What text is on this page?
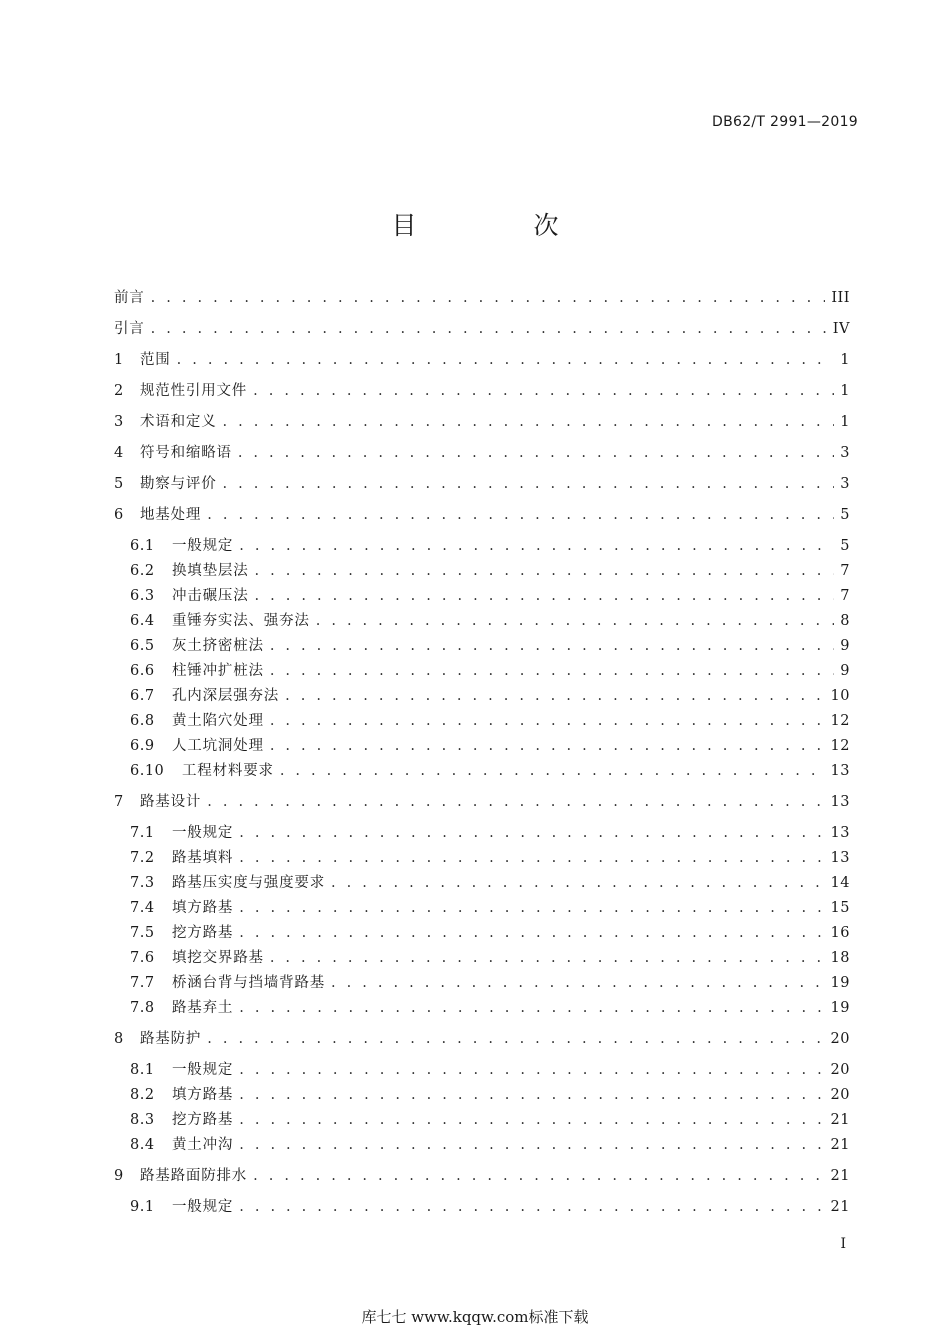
DB62/T 2991—2019
目　次
前言 . . .	III
引言 . . .	IV
1	范围 . . .	1
2	规范性引用文件 . . .	1
3	术语和定义 . . .	1
4	符号和缩略语 . . .	3
5	勘察与评价 . . .	3
6	地基处理 . . .	5
6.1	一般规定 . . .	5
6.2	换填垫层法 . . .	7
6.3	冲击碾压法 . . .	7
6.4	重锤夯实法、强夯法 . . .	8
6.5	灰土挤密桩法 . . .	9
6.6	柱锤冲扩桩法 . . .	9
6.7	孔内深层强夯法 . . .	10
6.8	黄土陷穴处理 . . .	12
6.9	人工坑洞处理 . . .	12
6.10	工程材料要求 . . .	13
7	路基设计 . . .	13
7.1	一般规定 . . .	13
7.2	路基填料 . . .	13
7.3	路基压实度与强度要求 . . .	14
7.4	填方路基 . . .	15
7.5	挖方路基 . . .	16
7.6	填挖交界路基 . . .	18
7.7	桥涵台背与挡墙背路基 . . .	19
7.8	路基弃土 . . .	19
8	路基防护 . . .	20
8.1	一般规定 . . .	20
8.2	填方路基 . . .	20
8.3	挖方路基 . . .	21
8.4	黄土冲沟 . . .	21
9	路基路面防排水 . . .	21
9.1	一般规定 . . .	21
I
库七七 www.kqqw.com标准下载
